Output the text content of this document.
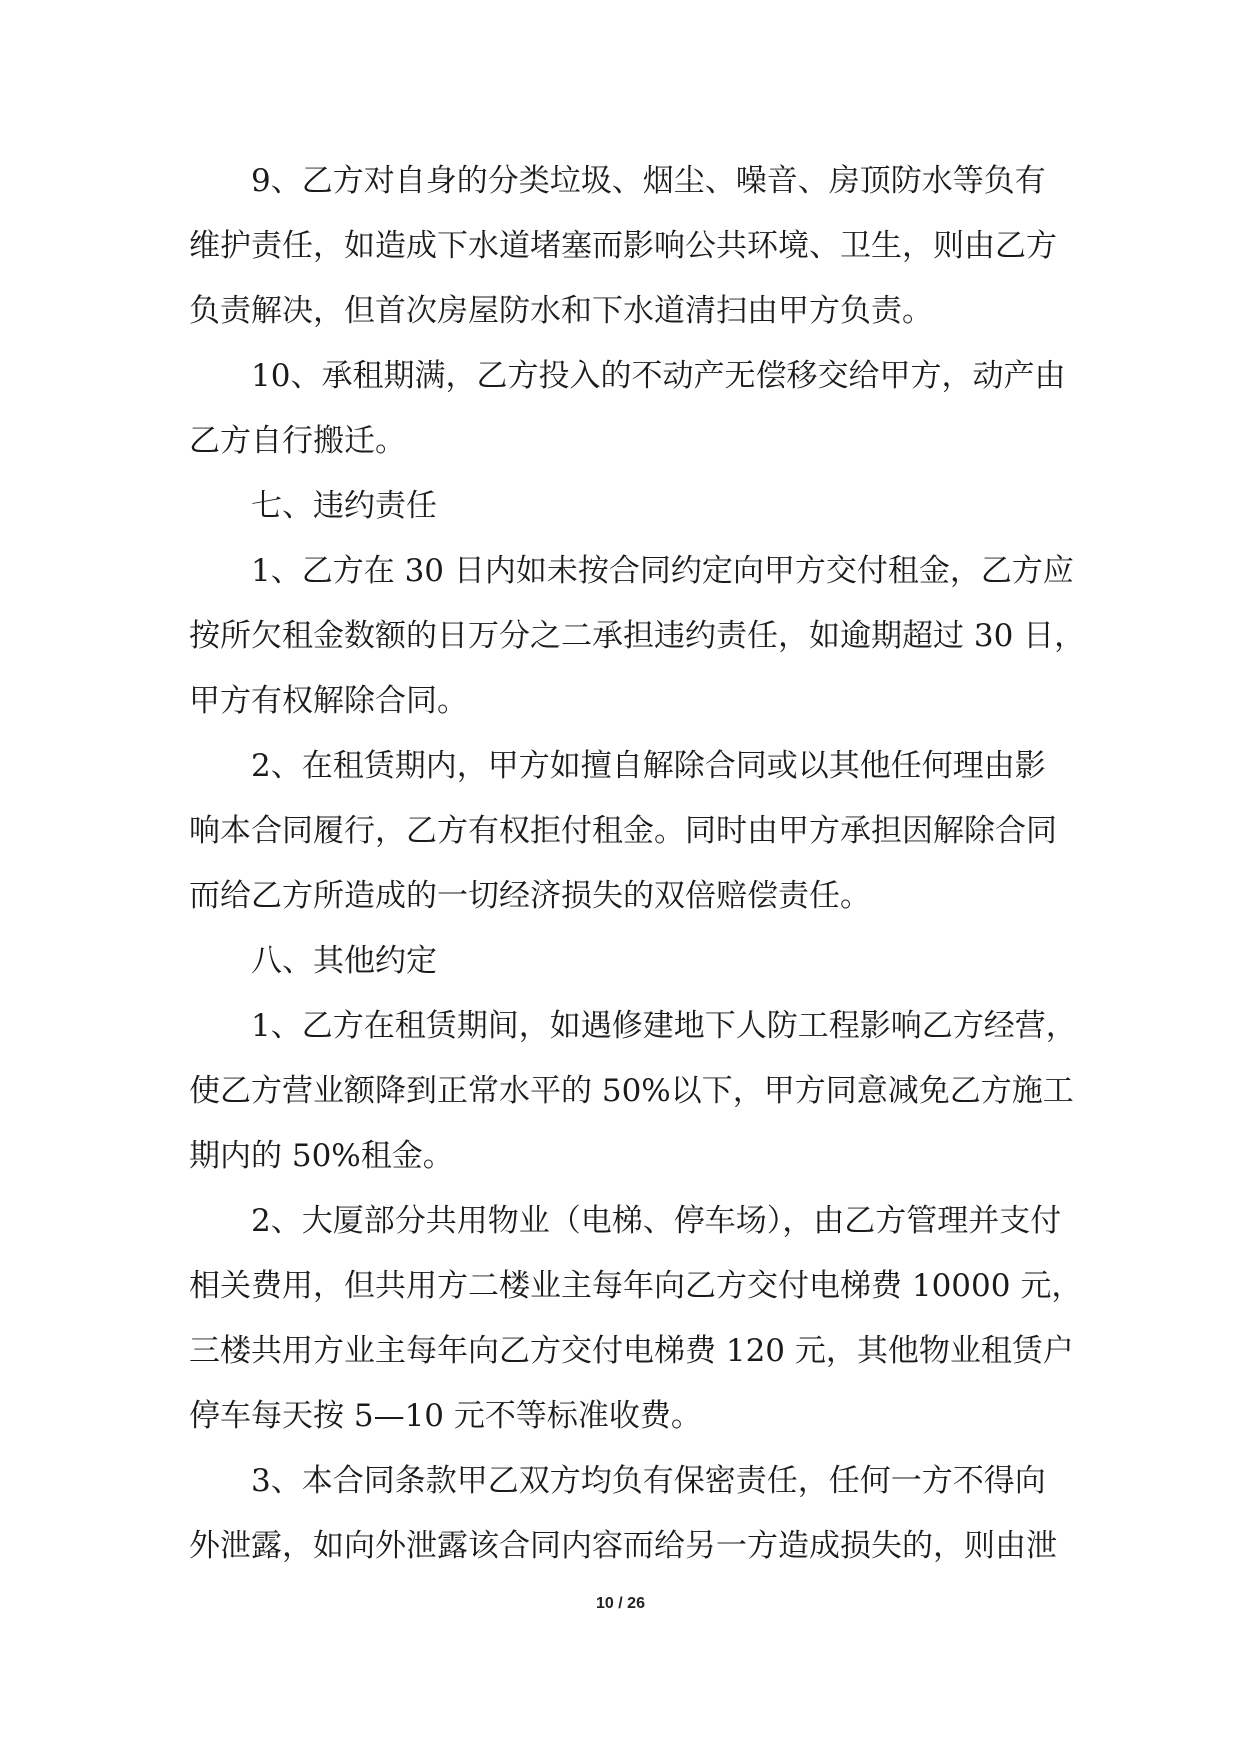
9、乙方对自身的分类垃圾、烟尘、噪音、房顶防水等负有
维护责任，如造成下水道堵塞而影响公共环境、卫生，则由乙方
负责解决，但首次房屋防水和下水道清扫由甲方负责。
10、承租期满，乙方投入的不动产无偿移交给甲方，动产由
乙方自行搬迁。
七、违约责任
1、乙方在 30 日内如未按合同约定向甲方交付租金，乙方应
按所欠租金数额的日万分之二承担违约责任，如逾期超过 30 日，
甲方有权解除合同。
2、在租赁期内，甲方如擅自解除合同或以其他任何理由影
响本合同履行，乙方有权拒付租金。同时由甲方承担因解除合同
而给乙方所造成的一切经济损失的双倍赔偿责任。
八、其他约定
1、乙方在租赁期间，如遇修建地下人防工程影响乙方经营，
使乙方营业额降到正常水平的 50%以下，甲方同意减免乙方施工
期内的 50%租金。
2、大厦部分共用物业（电梯、停车场），由乙方管理并支付
相关费用，但共用方二楼业主每年向乙方交付电梯费 10000 元，
三楼共用方业主每年向乙方交付电梯费 120 元，其他物业租赁户
停车每天按 5—10 元不等标准收费。
3、本合同条款甲乙双方均负有保密责任，任何一方不得向
外泄露，如向外泄露该合同内容而给另一方造成损失的，则由泄
10 / 26
